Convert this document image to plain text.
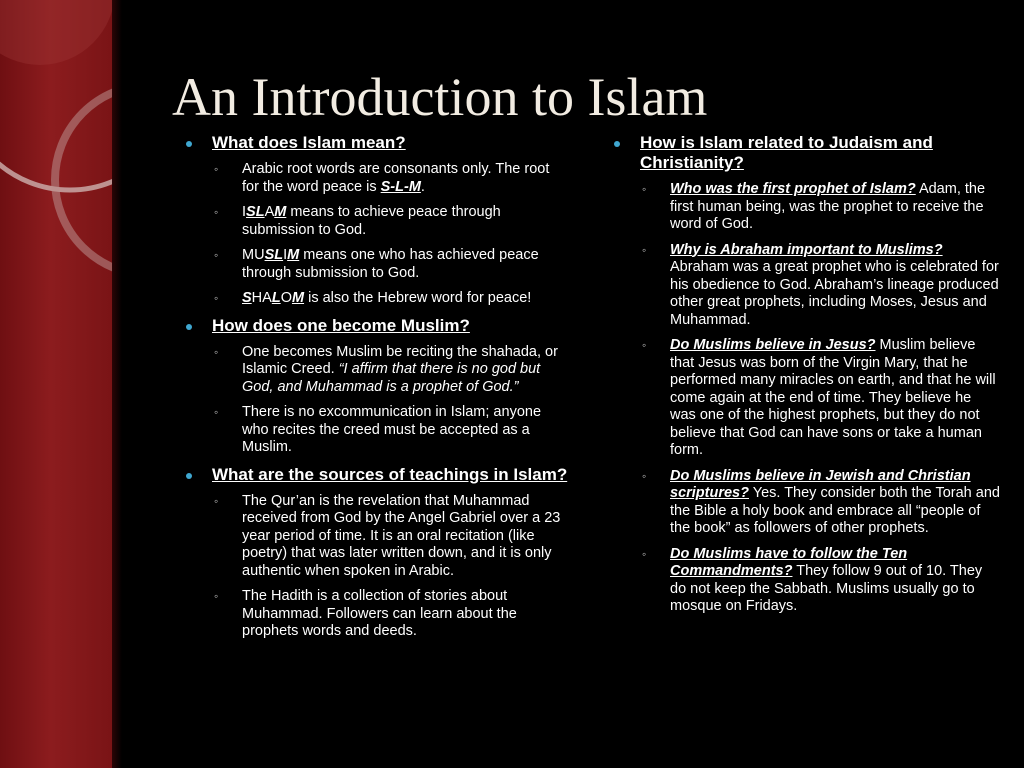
An Introduction to Islam
What does Islam mean?
◦ Arabic root words are consonants only. The root for the word peace is S-L-M.
◦ ISLAM means to achieve peace through submission to God.
◦ MUSLIM means one who has achieved peace through submission to God.
◦ SHALOM is also the Hebrew word for peace!
How does one become Muslim?
◦ One becomes Muslim be reciting the shahada, or Islamic Creed. “I affirm that there is no god but God, and Muhammad is a prophet of God.”
◦ There is no excommunication in Islam; anyone who recites the creed must be accepted as a Muslim.
What are the sources of teachings in Islam?
◦ The Qur’an is the revelation that Muhammad received from God by the Angel Gabriel over a 23 year period of time. It is an oral recitation (like poetry) that was later written down, and it is only authentic when spoken in Arabic.
◦ The Hadith is a collection of stories about Muhammad. Followers can learn about the prophets words and deeds.
How is Islam related to Judaism and Christianity?
◦ Who was the first prophet of Islam? Adam, the first human being, was the prophet to receive the word of God.
◦ Why is Abraham important to Muslims? Abraham was a great prophet who is celebrated for his obedience to God. Abraham’s lineage produced other great prophets, including Moses, Jesus and Muhammad.
◦ Do Muslims believe in Jesus? Muslim believe that Jesus was born of the Virgin Mary, that he performed many miracles on earth, and that he will come again at the end of time. They believe he was one of the highest prophets, but they do not believe that God can have sons or take a human form.
◦ Do Muslims believe in Jewish and Christian scriptures? Yes. They consider both the Torah and the Bible a holy book and embrace all “people of the book” as followers of other prophets.
◦ Do Muslims have to follow the Ten Commandments? They follow 9 out of 10. They do not keep the Sabbath. Muslims usually go to mosque on Fridays.
